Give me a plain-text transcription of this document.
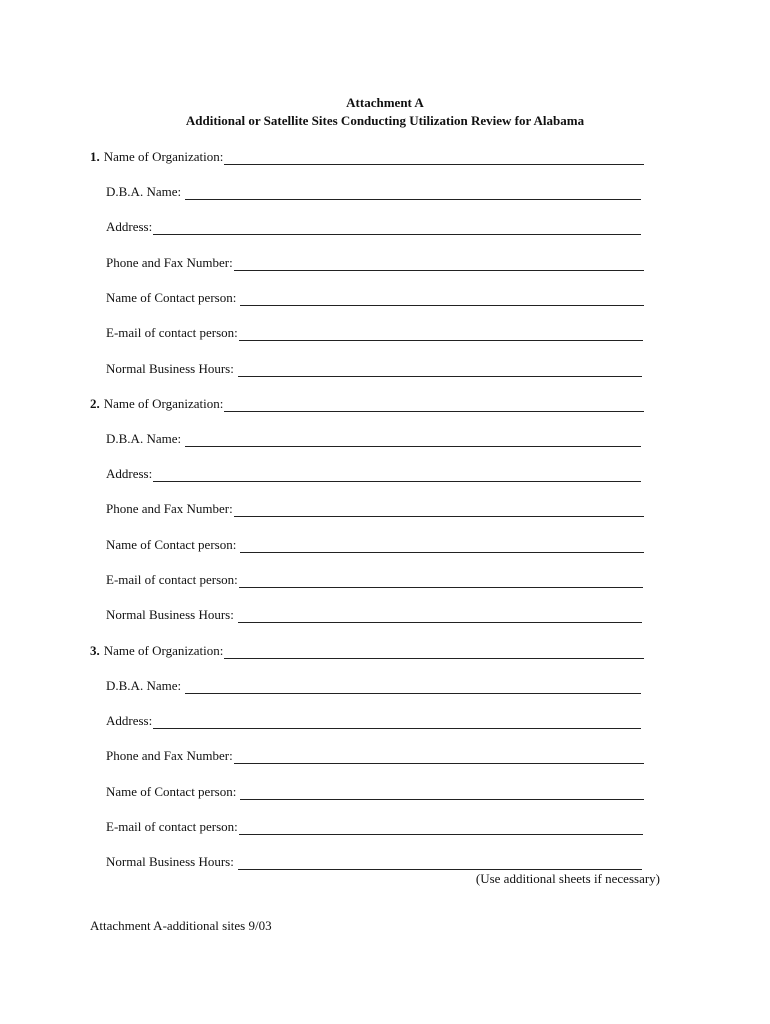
Attachment A
Additional or Satellite Sites Conducting Utilization Review for Alabama
1. Name of Organization:
D.B.A. Name:
Address:
Phone and Fax Number:
Name of Contact person:
E-mail of contact person:
Normal Business Hours:
2. Name of Organization:
D.B.A. Name:
Address:
Phone and Fax Number:
Name of Contact person:
E-mail of contact person:
Normal Business Hours:
3. Name of Organization:
D.B.A. Name:
Address:
Phone and Fax Number:
Name of Contact person:
E-mail of contact person:
Normal Business Hours:
(Use additional sheets if necessary)
Attachment A-additional sites 9/03
